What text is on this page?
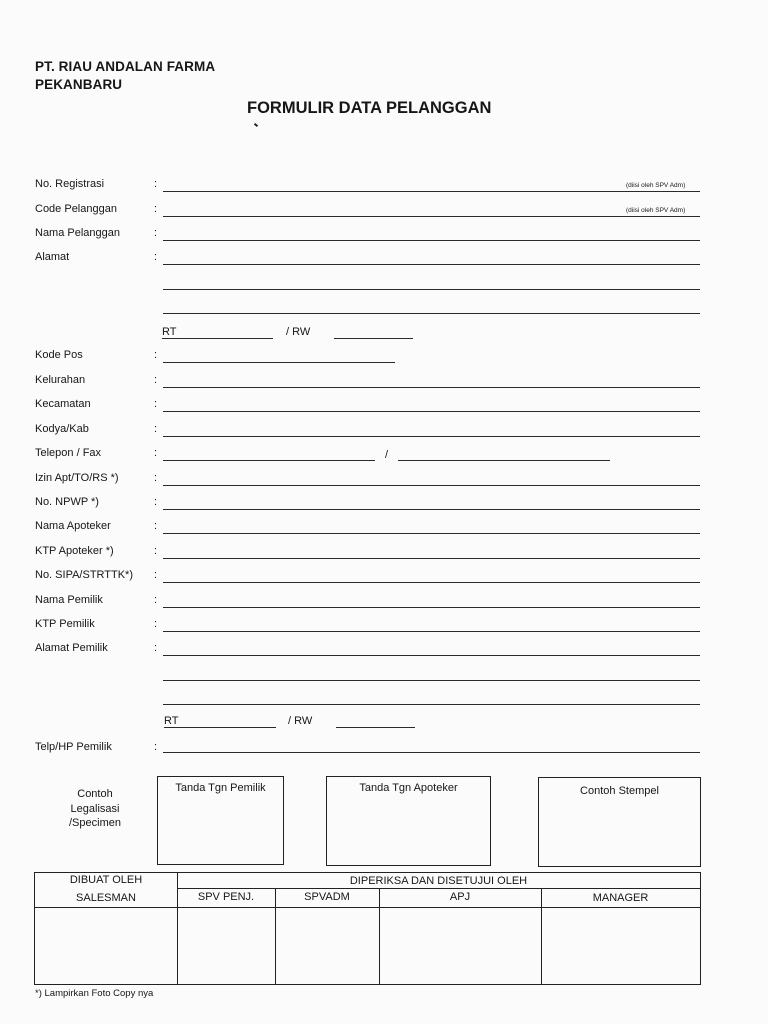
PT. RIAU ANDALAN FARMA
PEKANBARU
FORMULIR DATA PELANGGAN
No. Registrasi	:	(diisi oleh SPV Adm)
Code Pelanggan	:	(diisi oleh SPV Adm)
Nama Pelanggan	:
Alamat	:
RT	/ RW
Kode Pos	:
Kelurahan	:
Kecamatan	:
Kodya/Kab	:
Telepon / Fax	:	/
Izin Apt/TO/RS *)	:
No. NPWP *)	:
Nama Apoteker	:
KTP Apoteker *)	:
No. SIPA/STRTTK*) :
Nama Pemilik	:
KTP Pemilik	:
Alamat Pemilik	:
RT	/ RW
Telp/HP Pemilik	:
Contoh
Legalisasi
/Specimen
Tanda Tgn Pemilik	Tanda Tgn Apoteker	Contoh Stempel
DIBUAT OLEH	DIPERIKSA DAN DISETUJUI OLEH
SALESMAN	SPV PENJ.	SPVADM	APJ	MANAGER
*) Lampirkan Foto Copy nya
